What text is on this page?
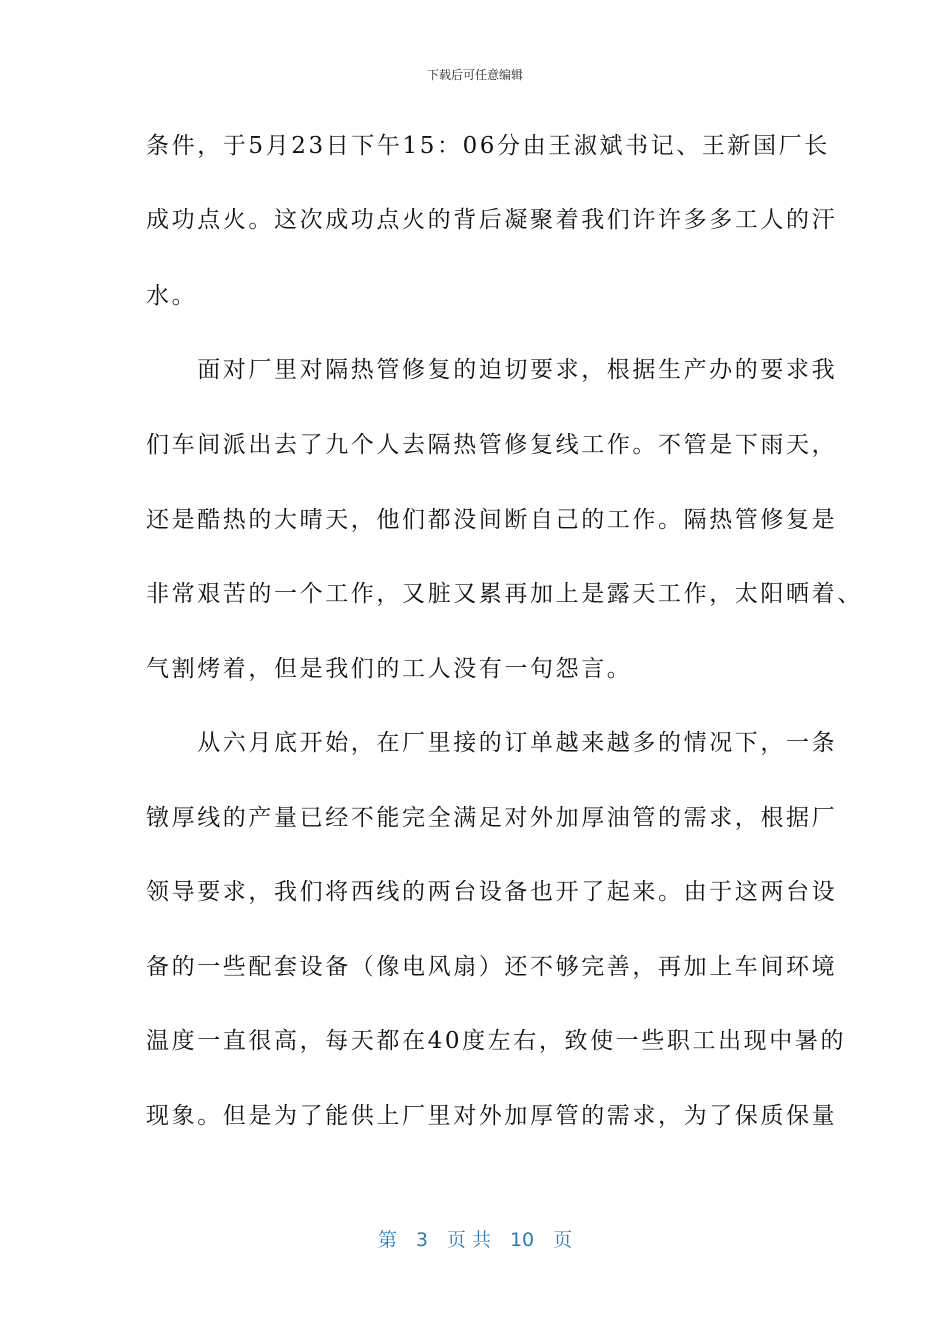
下载后可任意编辑
条件，于5月23日下午15：06分由王淑斌书记、王新国厂长
成功点火。这次成功点火的背后凝聚着我们许许多多工人的汗
水。
　　面对厂里对隔热管修复的迫切要求，根据生产办的要求我
们车间派出去了九个人去隔热管修复线工作。不管是下雨天，
还是酷热的大晴天，他们都没间断自己的工作。隔热管修复是
非常艰苦的一个工作，又脏又累再加上是露天工作，太阳晒着、
气割烤着，但是我们的工人没有一句怨言。
　　从六月底开始，在厂里接的订单越来越多的情况下，一条
镦厚线的产量已经不能完全满足对外加厚油管的需求，根据厂
领导要求，我们将西线的两台设备也开了起来。由于这两台设
备的一些配套设备（像电风扇）还不够完善，再加上车间环境
温度一直很高，每天都在40度左右，致使一些职工出现中暑的
现象。但是为了能供上厂里对外加厚管的需求，为了保质保量
第　3　页 共　10　页
